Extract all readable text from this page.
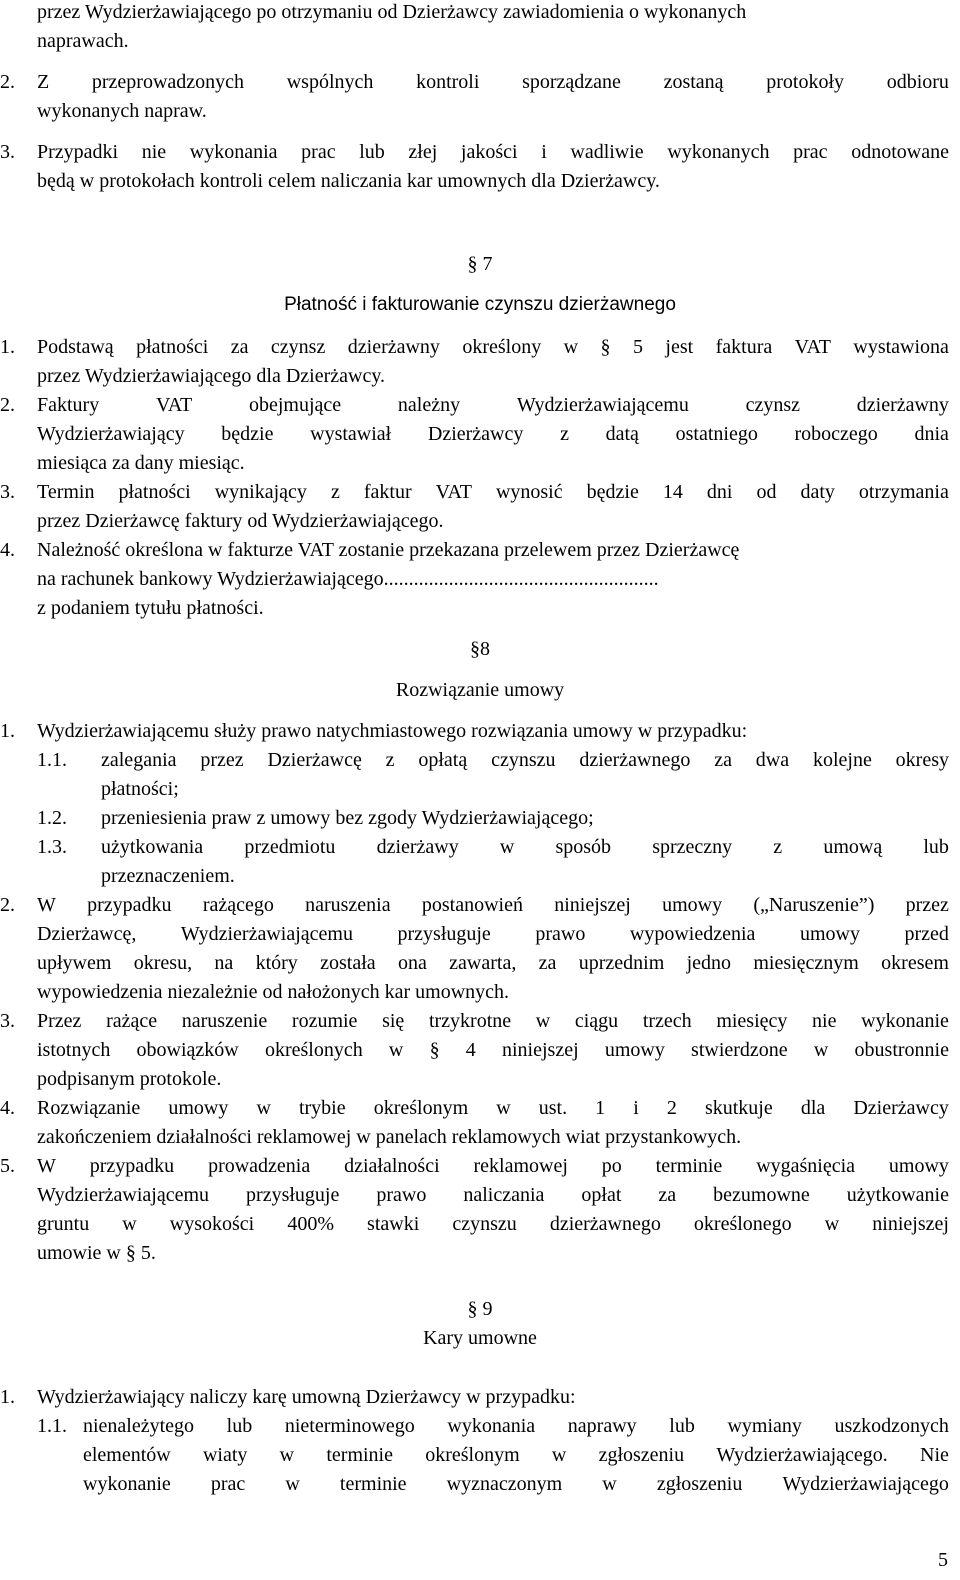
przez Wydzierżawiającego po otrzymaniu od Dzierżawcy zawiadomienia o wykonanych
naprawach.
2. Z przeprowadzonych wspólnych kontroli sporządzane zostaną protokoły odbioru
wykonanych napraw.
3. Przypadki nie wykonania prac lub złej jakości i wadliwie wykonanych prac odnotowane
będą w protokołach kontroli celem naliczania kar umownych dla Dzierżawcy.
§ 7
Płatność i fakturowanie czynszu dzierżawnego
1. Podstawą płatności za czynsz dzierżawny określony w § 5 jest faktura VAT wystawiona
przez Wydzierżawiającego dla Dzierżawcy.
2. Faktury	VAT	obejmujące	należny	Wydzierżawiającemu	czynsz	dzierżawny
Wydzierżawiający będzie wystawiał Dzierżawcy z datą ostatniego roboczego dnia
miesiąca za dany miesiąc.
3. Termin płatności wynikający z faktur VAT wynosić będzie 14 dni od daty otrzymania
przez Dzierżawcę faktury od Wydzierżawiającego.
4. Należność określona w fakturze VAT zostanie przekazana przelewem przez Dzierżawcę
na rachunek bankowy Wydzierżawiającego.......................................................
z podaniem tytułu płatności.
§8
Rozwiązanie umowy
1. Wydzierżawiającemu służy prawo natychmiastowego rozwiązania umowy w przypadku:
1.1. zalegania przez Dzierżawcę z opłatą czynszu dzierżawnego za dwa kolejne okresy
płatności;
1.2. przeniesienia praw z umowy bez zgody Wydzierżawiającego;
1.3. użytkowania przedmiotu dzierżawy w sposób sprzeczny z umową lub
przeznaczeniem.
2. W przypadku rażącego naruszenia postanowień niniejszej umowy („Naruszenie”) przez
Dzierżawcę, Wydzierżawiającemu przysługuje prawo wypowiedzenia umowy przed
upływem okresu, na który została ona zawarta, za uprzednim jedno miesięcznym okresem
wypowiedzenia niezależnie od nałożonych kar umownych.
3. Przez rażące naruszenie rozumie się trzykrotne w ciągu trzech miesięcy nie wykonanie
istotnych obowiązków określonych w § 4 niniejszej umowy stwierdzone w obustronnie
podpisanym protokole.
4. Rozwiązanie umowy w trybie określonym w ust. 1 i 2 skutkuje dla Dzierżawcy
zakończeniem działalności reklamowej w panelach reklamowych wiat przystankowych.
5. W przypadku prowadzenia działalności reklamowej po terminie wygaśnięcia umowy
Wydzierżawiającemu przysługuje prawo naliczania opłat za bezumowne użytkowanie
gruntu w wysokości 400% stawki czynszu dzierżawnego określonego w niniejszej
umowie w § 5.
§ 9
Kary umowne
1. Wydzierżawiający naliczy karę umowną Dzierżawcy w przypadku:
1.1. nienależytego lub nieterminowego wykonania naprawy lub wymiany uszkodzonych
elementów wiaty w terminie określonym w zgłoszeniu Wydzierżawiającego. Nie
wykonanie prac w terminie wyznaczonym w zgłoszeniu Wydzierżawiającego
5
